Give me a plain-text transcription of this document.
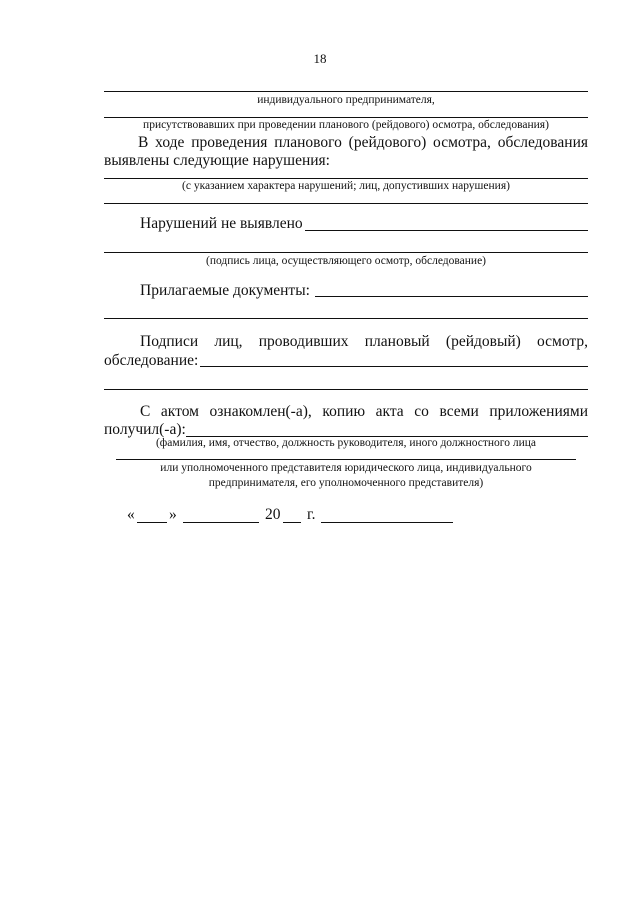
18
индивидуального предпринимателя,
присутствовавших при проведении планового (рейдового) осмотра, обследования)
В ходе проведения планового (рейдового) осмотра, обследования
выявлены следующие нарушения:
(с указанием характера нарушений; лиц, допустивших нарушения)
Нарушений не выявлено
(подпись лица, осуществляющего осмотр, обследование)
Прилагаемые документы:
Подписи лиц, проводивших плановый (рейдовый) осмотр,
обследование:
С актом ознакомлен(-а), копию акта со всеми приложениями
получил(-а):
(фамилия, имя, отчество, должность руководителя, иного должностного лица
или уполномоченного представителя юридического лица, индивидуального
предпринимателя, его уполномоченного представителя)
« »	20 г.
